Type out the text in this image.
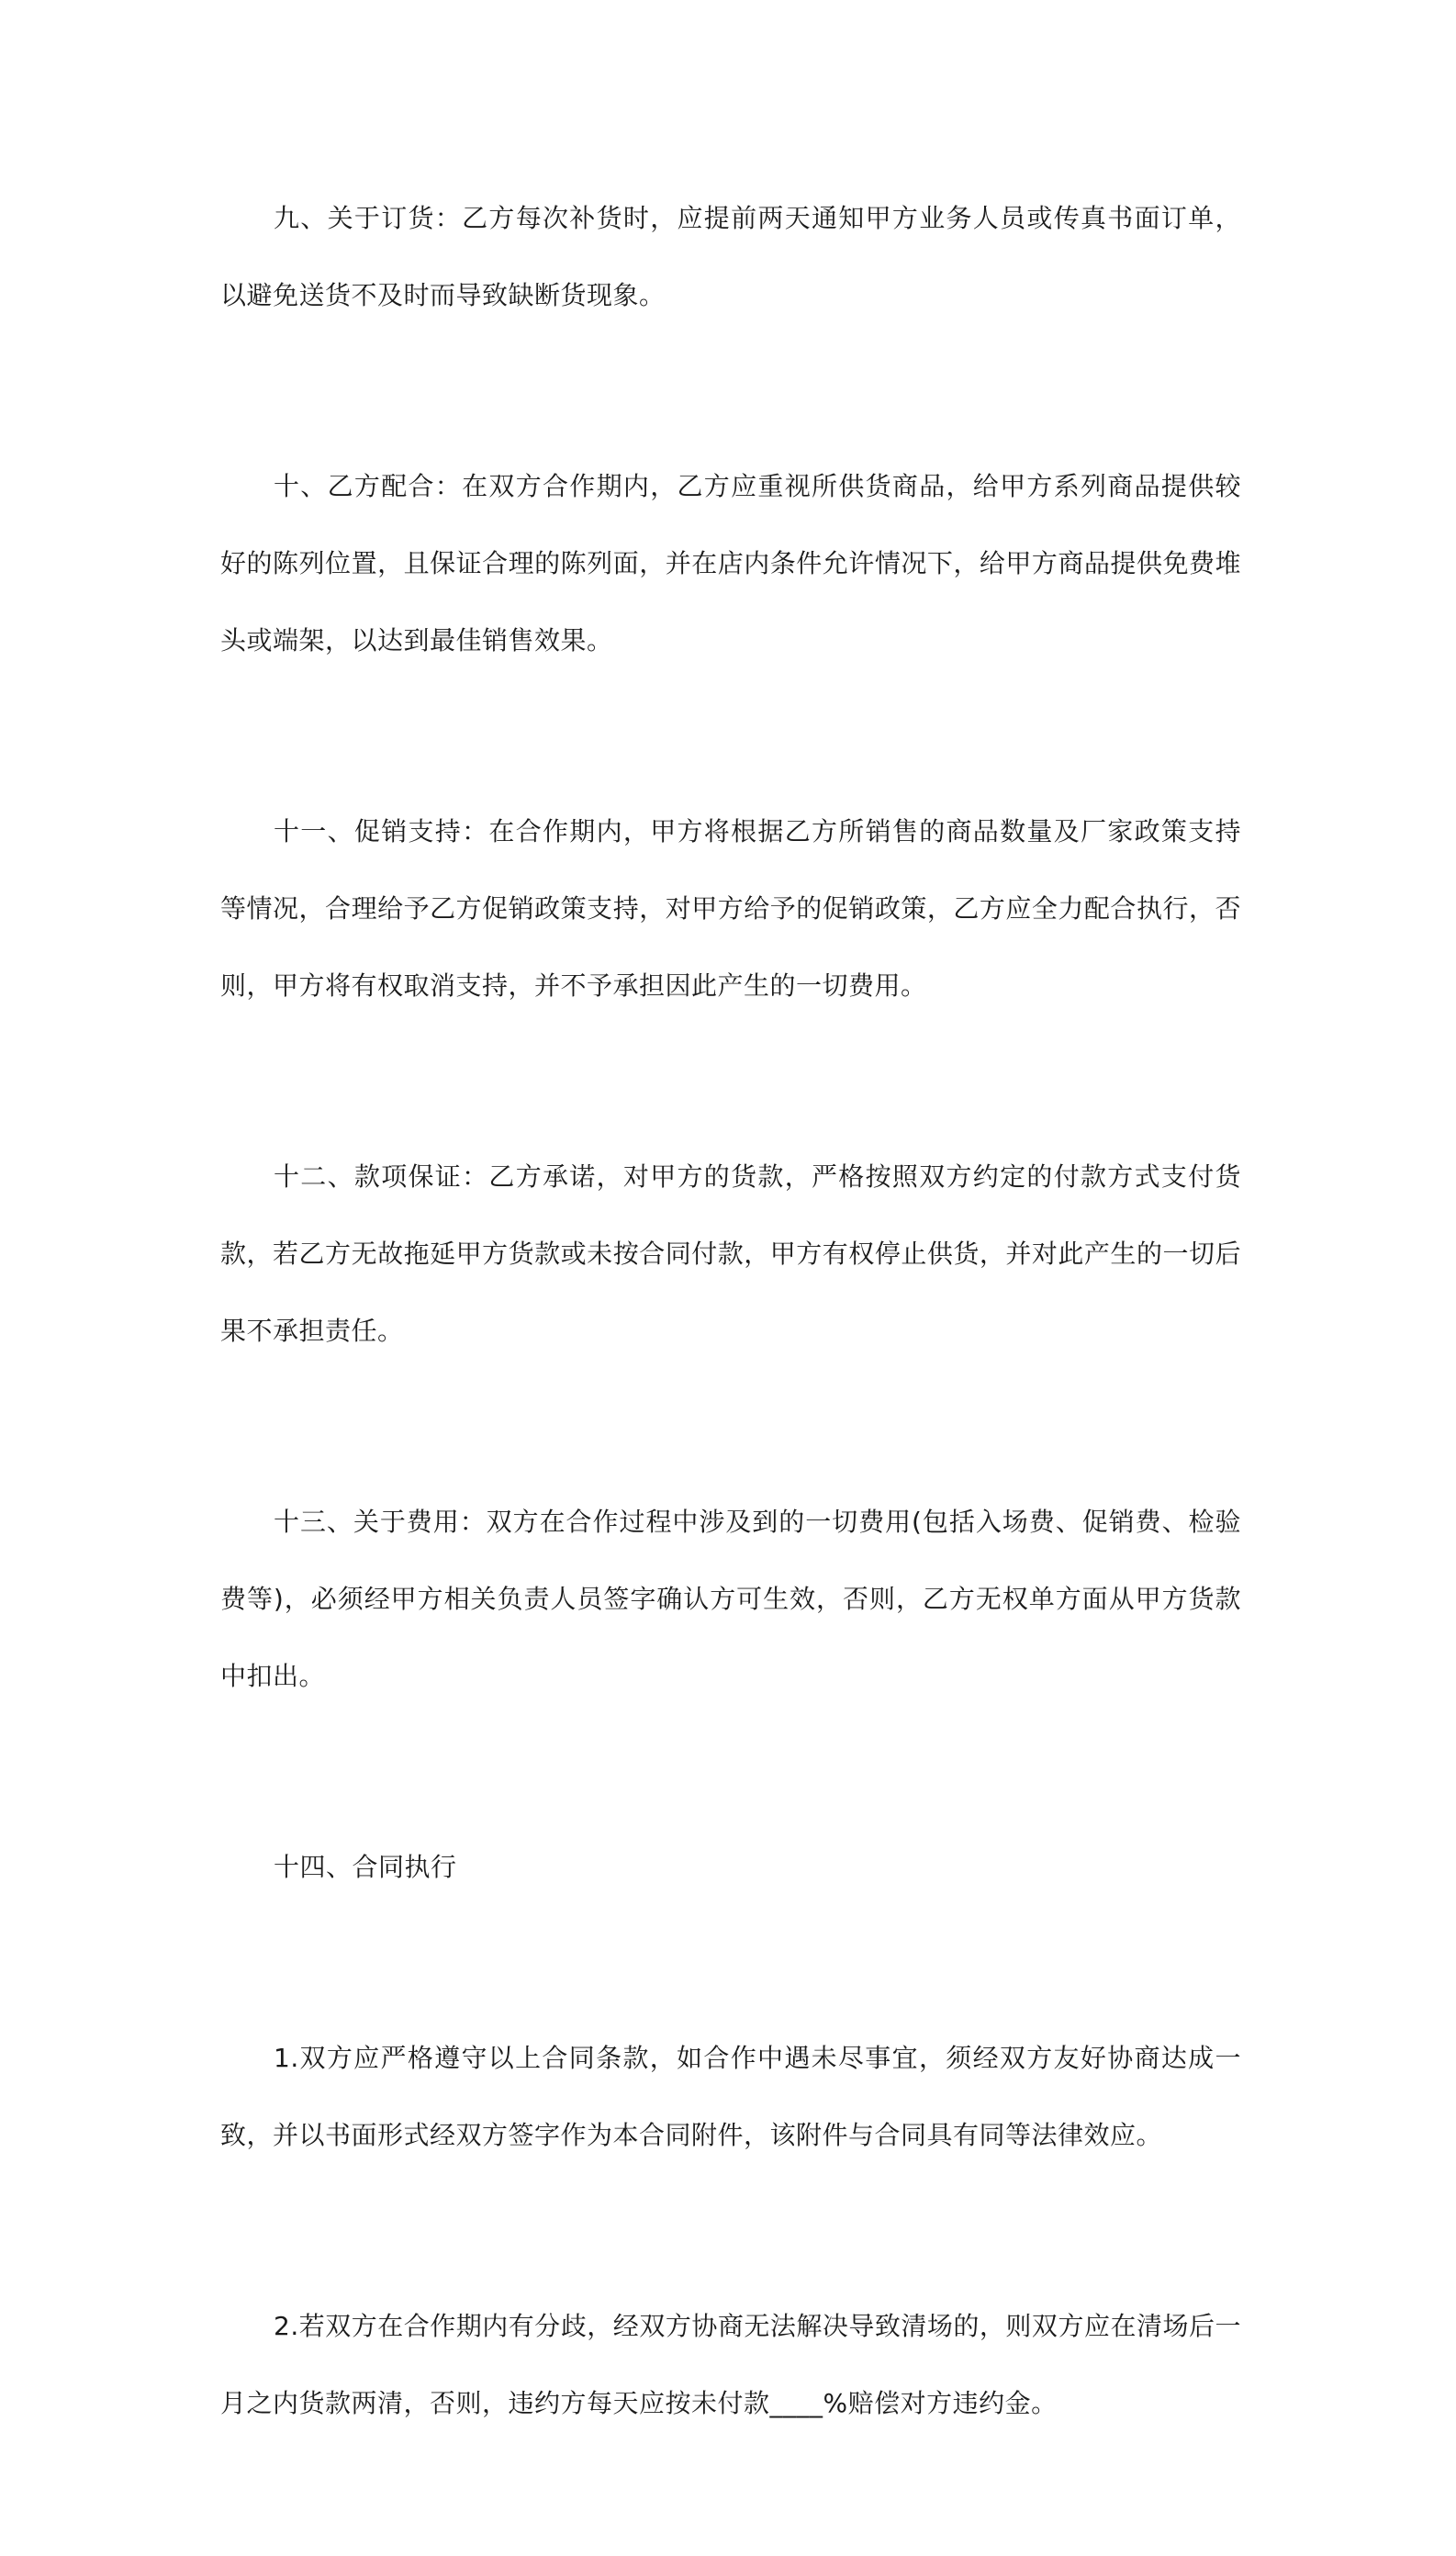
九、关于订货：乙方每次补货时，应提前两天通知甲方业务人员或传真书面订单，以避免送货不及时而导致缺断货现象。

十、乙方配合：在双方合作期内，乙方应重视所供货商品，给甲方系列商品提供较好的陈列位置，且保证合理的陈列面，并在店内条件允许情况下，给甲方商品提供免费堆头或端架，以达到最佳销售效果。

十一、促销支持：在合作期内，甲方将根据乙方所销售的商品数量及厂家政策支持等情况，合理给予乙方促销政策支持，对甲方给予的促销政策，乙方应全力配合执行，否则，甲方将有权取消支持，并不予承担因此产生的一切费用。

十二、款项保证：乙方承诺，对甲方的货款，严格按照双方约定的付款方式支付货款，若乙方无故拖延甲方货款或未按合同付款，甲方有权停止供货，并对此产生的一切后果不承担责任。

十三、关于费用：双方在合作过程中涉及到的一切费用(包括入场费、促销费、检验费等)，必须经甲方相关负责人员签字确认方可生效，否则，乙方无权单方面从甲方货款中扣出。

十四、合同执行

1.双方应严格遵守以上合同条款，如合作中遇未尽事宜，须经双方友好协商达成一致，并以书面形式经双方签字作为本合同附件，该附件与合同具有同等法律效应。

2.若双方在合作期内有分歧，经双方协商无法解决导致清场的，则双方应在清场后一月之内货款两清，否则，违约方每天应按未付款____%赔偿对方违约金。
